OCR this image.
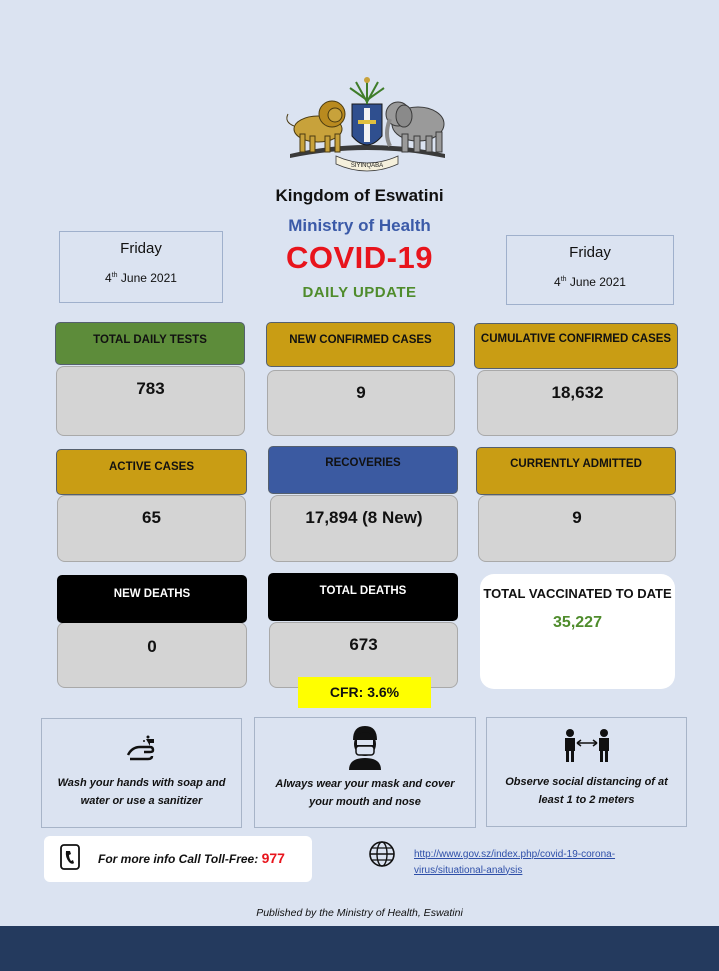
SIYINQABA
Kingdom of Eswatini
Ministry of Health
COVID-19
DAILY UPDATE
Friday
4th June 2021
Friday
4th June 2021
783
TOTAL DAILY TESTS
9
NEW CONFIRMED CASES
18,632
CUMULATIVE CONFIRMED CASES
65
ACTIVE CASES
17,894 (8 New)
RECOVERIES
9
CURRENTLY ADMITTED
0
NEW DEATHS
673
TOTAL DEATHS
CFR: 3.6%
TOTAL VACCINATED TO DATE
35,227
Wash your hands with soap and water or use a sanitizer
Always wear your mask and cover your mouth and nose
Observe social distancing of at least 1 to 2 meters
For more info Call Toll-Free: 977	http://www.gov.sz/index.php/covid-19-corona-
virus/situational-analysis
Published by the Ministry of Health, Eswatini
